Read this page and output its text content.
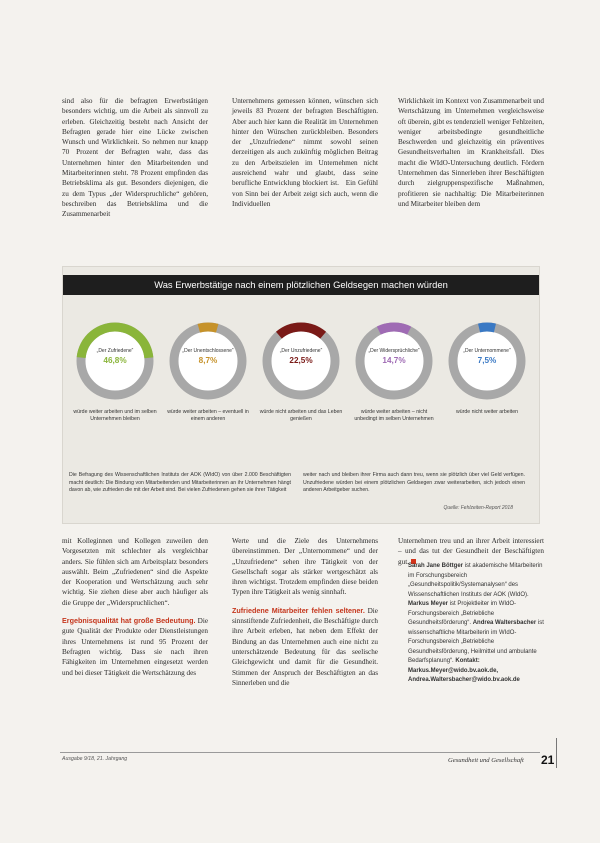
sind also für die befragten Erwerbstätigen besonders wichtig, um die Arbeit als sinnvoll zu erleben. Gleichzeitig besteht nach Ansicht der Befragten gerade hier eine Lücke zwischen Wunsch und Wirklichkeit. So nehmen nur knapp 70 Prozent der Befragten wahr, dass das Unternehmen hinter den Mitarbeitenden und Mitarbeiterinnen steht. 78 Prozent empfinden das Betriebsklima als gut. Besonders diejenigen, die zu dem Typus „der Widerspruchliche“ gehören, beschreiben das Betriebsklima und die Zusammenarbeit

Unternehmens gemessen können, wünschen sich jeweils 83 Prozent der befragten Beschäftigten. Aber auch hier kann die Realität im Unternehmen hinter den Wünschen zurückbleiben. Besonders der „Unzufriedene“ nimmt sowohl seinen derzeitigen als auch zukünftig möglichen Beitrag zu den Arbeitszielen im Unternehmen nicht ausreichend wahr und glaubt, dass seine berufliche Entwicklung blockiert ist.   Ein Gefühl von Sinn bei der Arbeit zeigt sich auch, wenn die Individuellen

Wirklichkeit im Kontext von Zusammenarbeit und Wertschätzung im Unternehmen vergleichsweise oft überein, gibt es tendenziell weniger Fehlzeiten, weniger arbeitsbedingte gesundheitliche Beschwerden und gleichzeitig ein präventives Gesundheitsverhalten im Krankheitsfall. Dies macht die WIdO-Untersuchung deutlich. Fördern Unternehmen das Sinnerleben ihrer Beschäftigten durch zielgruppenspezifische Maßnahmen, profitieren sie nachhaltig: Die Mitarbeiterinnen und Mitarbeiter bleiben dem

Was Erwerbstätige nach einem plötzlichen Geldsegen machen würden
„Der Zufriedene“
46,8%
würde weiter arbeiten und im selben Unternehmen bleiben
„Der Unentschlossene“
8,7%
würde weiter arbeiten – eventuell in einem anderen
„Der Unzufriedene“
22,5%
würde nicht arbeiten und das Leben genießen
„Der Widersprüchliche“
14,7%
würde weiter arbeiten – nicht unbedingt im selben Unternehmen
„Der Unternommene“
7,5%
würde nicht weiter arbeiten
Die Befragung des Wissenschaftlichen Instituts der AOK (WIdO) von über 2.000 Beschäftigten macht deutlich: Die Bindung von Mitarbeitenden und Mitarbeiterinnen an ihr Unternehmen hängt davon ab, wie zufrieden die mit der Arbeit sind. Bei vielen Zufriedenen gehen sie ihrer Tätigkeit
weiter nach und bleiben ihrer Firma auch dann treu, wenn sie plötzlich über viel Geld verfügen. Unzufriedene würden bei einem plötzlichen Geldsegen zwar weiterarbeiten, sich jedoch einen anderen Arbeitgeber suchen.
Quelle: Fehlzeiten-Report 2018

mit Kolleginnen und Kollegen zuweilen den Vorgesetzten mit schlechter als vergleichbar anders. Sie fühlen sich am Arbeitsplatz besonders auswählt. Beim „Zufriedenen“ sind die Aspekte der Kooperation und Wertschätzung auch sehr wichtig. Sie ziehen diese aber auch häufiger als die Gruppe der „Widerspruchlichen“.

Ergebnisqualität hat große Bedeutung. Die gute Qualität der Produkte oder Dienstleistungen ihres Unternehmens ist rund 95 Prozent der Befragten wichtig. Dass sie nach ihren Fähigkeiten im Unternehmen eingesetzt werden und bei dieser Tätigkeit die Wertschätzung des

Werte und die Ziele des Unternehmens übereinstimmen. Der „Unternommene“ und der „Unzufriedene“ sehen ihre Tätigkeit von der Gesellschaft sogar als stärker wertgeschätzt als ihren wichtigst. Trotzdem empfinden diese beiden Typen ihre Tätigkeit als wenig sinnhaft.

Zufriedene Mitarbeiter fehlen seltener. Die sinnstiftende Zufriedenheit, die Beschäftigte durch ihre Arbeit erleben, hat neben dem Effekt der Bindung an das Unternehmen auch eine nicht zu unterschätzende Bedeutung für das seelische Gleichgewicht und damit für die Gesundheit. Stimmen der Anspruch der Beschäftigten an das Sinnerleben und die

Unternehmen treu und an ihrer Arbeit interessiert – und das tut der Gesundheit der Beschäftigten gut.

Sarah Jane Böttger ist akademische Mitarbeiterin im Forschungsbereich „Gesundheitspolitik/Systemanalysen“ des Wissenschaftlichen Instituts der AOK (WIdO). Markus Meyer ist Projektleiter im WIdO-Forschungsbereich „Betriebliche Gesundheitsförderung“. Andrea Waltersbacher ist wissenschaftliche Mitarbeiterin im WIdO-Forschungsbereich „Betriebliche Gesundheitsförderung, Heilmittel und ambulante Bedarfsplanung“. Kontakt: Markus.Meyer@wido.bv.aok.de, Andrea.Waltersbacher@wido.bv.aok.de

Ausgabe 9/18, 21. Jahrgang	Gesundheit und Gesellschaft 21
